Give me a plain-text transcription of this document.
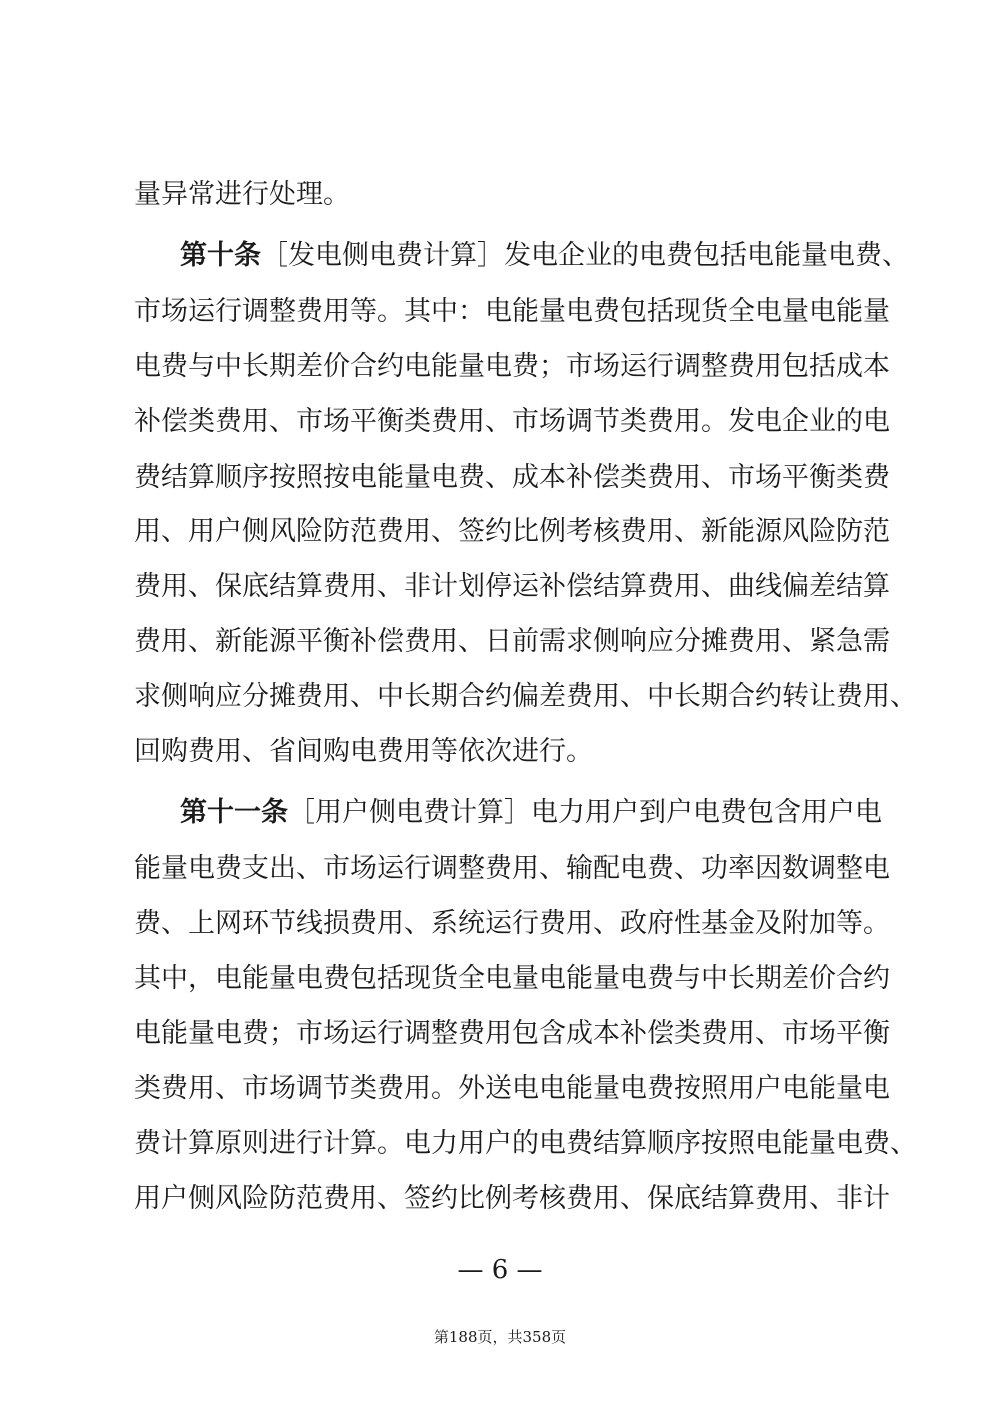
量异常进行处理。
第十条［发电侧电费计算］发电企业的电费包括电能量电费、
市场运行调整费用等。其中：电能量电费包括现货全电量电能量
电费与中长期差价合约电能量电费；市场运行调整费用包括成本
补偿类费用、市场平衡类费用、市场调节类费用。发电企业的电
费结算顺序按照按电能量电费、成本补偿类费用、市场平衡类费
用、用户侧风险防范费用、签约比例考核费用、新能源风险防范
费用、保底结算费用、非计划停运补偿结算费用、曲线偏差结算
费用、新能源平衡补偿费用、日前需求侧响应分摊费用、紧急需
求侧响应分摊费用、中长期合约偏差费用、中长期合约转让费用、
回购费用、省间购电费用等依次进行。
第十一条［用户侧电费计算］电力用户到户电费包含用户电
能量电费支出、市场运行调整费用、输配电费、功率因数调整电
费、上网环节线损费用、系统运行费用、政府性基金及附加等。
其中，电能量电费包括现货全电量电能量电费与中长期差价合约
电能量电费；市场运行调整费用包含成本补偿类费用、市场平衡
类费用、市场调节类费用。外送电电能量电费按照用户电能量电
费计算原则进行计算。电力用户的电费结算顺序按照电能量电费、
用户侧风险防范费用、签约比例考核费用、保底结算费用、非计
— 6 —
第188页，共358页
